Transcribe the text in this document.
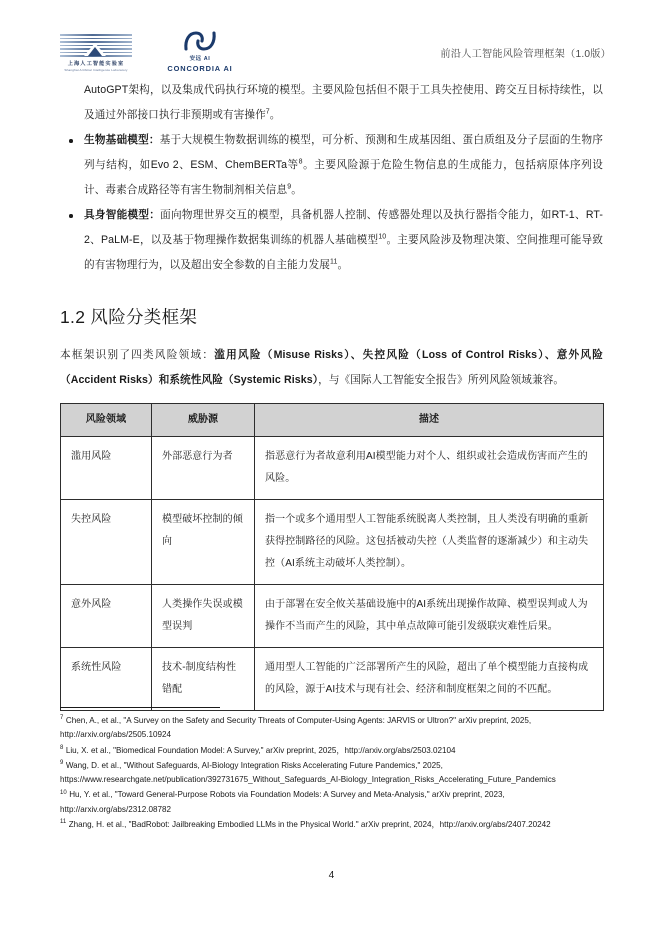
上海人工智能实验室
Shanghai Artificial Intelligence Laboratory
安远 AI
CONCORDIA AI
前沿人工智能风险管理框架（1.0版）

AutoGPT架构，以及集成代码执行环境的模型。主要风险包括但不限于工具失控使用、跨交互目标持续性，以及通过外部接口执行非预期或有害操作$^7$。

生物基础模型：基于大规模生物数据训练的模型，可分析、预测和生成基因组、蛋白质组及分子层面的生物序列与结构，如Evo 2、ESM、ChemBERTa等$^8$。主要风险源于危险生物信息的生成能力，包括病原体序列设计、毒素合成路径等有害生物制剂相关信息$^9$。
具身智能模型：面向物理世界交互的模型，具备机器人控制、传感器处理以及执行器指令能力，如RT-1、RT-2、PaLM-E，以及基于物理操作数据集训练的机器人基础模型$^{10}$。主要风险涉及物理决策、空间推理可能导致的有害物理行为，以及超出安全参数的自主能力发展$^{11}$。
1.2 风险分类框架

本框架识别了四类风险领域：滥用风险（Misuse Risks）、失控风险（Loss of Control Risks）、意外风险（Accident Risks）和系统性风险（Systemic Risks），与《国际人工智能安全报告》所列风险领域兼容。

风险领域	威胁源	描述
滥用风险	外部恶意行为者	指恶意行为者故意利用AI模型能力对个人、组织或社会造成伤害而产生的风险。
失控风险	模型破坏控制的倾向	指一个或多个通用型人工智能系统脱离人类控制，且人类没有明确的重新获得控制路径的风险。这包括被动失控（人类监督的逐渐减少）和主动失控（AI系统主动破坏人类控制）。
意外风险	人类操作失误或模型误判	由于部署在安全攸关基础设施中的AI系统出现操作故障、模型误判或人为操作不当而产生的风险，其中单点故障可能引发级联灾难性后果。
系统性风险	技术-制度结构性错配	通用型人工智能的广泛部署所产生的风险，超出了单个模型能力直接构成的风险，源于AI技术与现有社会、经济和制度框架之间的不匹配。
$^7$ Chen, A., et al., "A Survey on the Safety and Security Threats of Computer-Using Agents: JARVIS or Ultron?" arXiv preprint, 2025, http://arxiv.org/abs/2505.10924
$^8$ Liu, X. et al., "Biomedical Foundation Model: A Survey," arXiv preprint, 2025，http://arxiv.org/abs/2503.02104
$^9$ Wang, D. et al., "Without Safeguards, AI-Biology Integration Risks Accelerating Future Pandemics," 2025, https://www.researchgate.net/publication/392731675_Without_Safeguards_AI-Biology_Integration_Risks_Accelerating_Future_Pandemics
$^{10}$ Hu, Y. et al., "Toward General-Purpose Robots via Foundation Models: A Survey and Meta-Analysis," arXiv preprint, 2023, http://arxiv.org/abs/2312.08782
$^{11}$ Zhang, H. et al., "BadRobot: Jailbreaking Embodied LLMs in the Physical World." arXiv preprint, 2024，http://arxiv.org/abs/2407.20242
4
